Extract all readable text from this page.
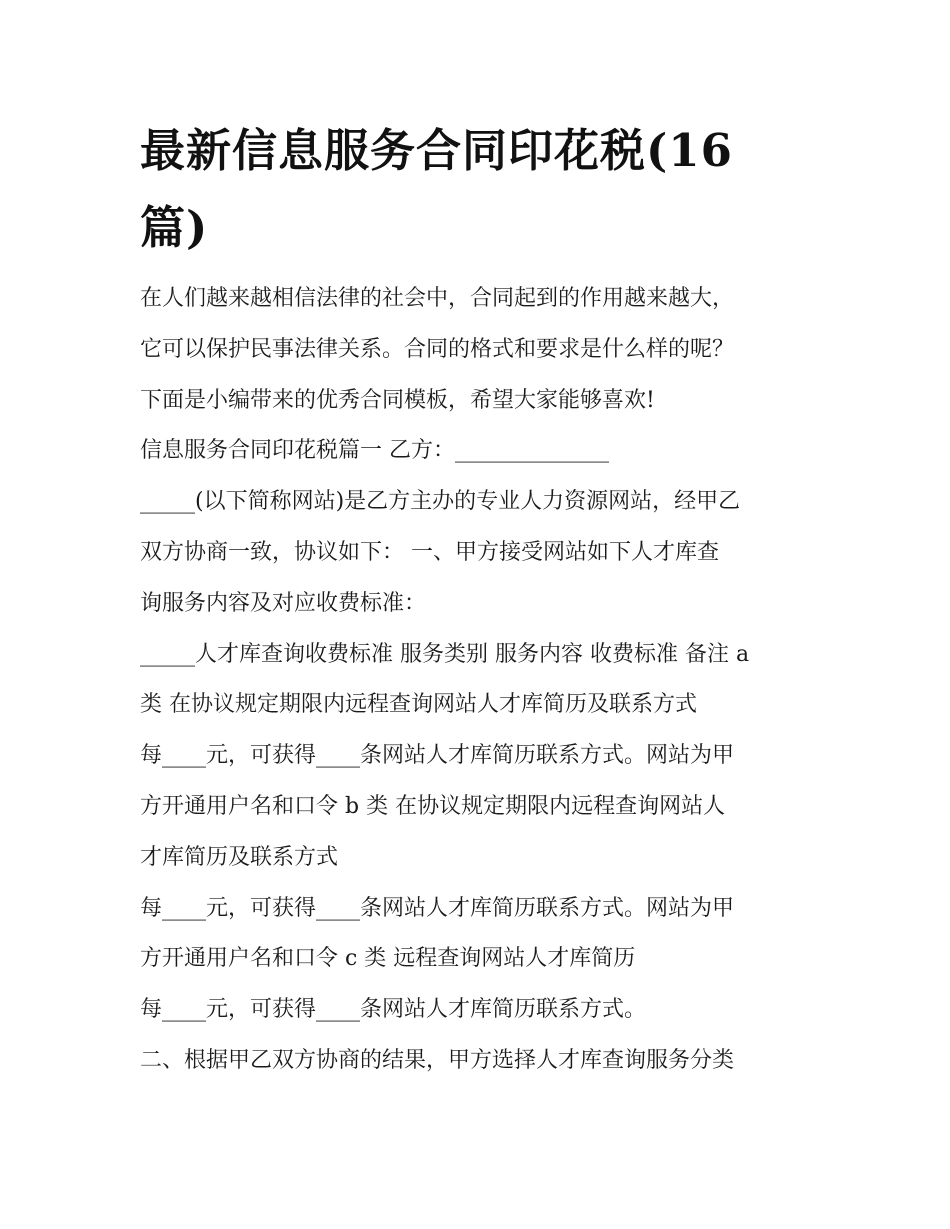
最新信息服务合同印花税(16
篇)
在人们越来越相信法律的社会中，合同起到的作用越来越大，
它可以保护民事法律关系。合同的格式和要求是什么样的呢？
下面是小编带来的优秀合同模板，希望大家能够喜欢!
信息服务合同印花税篇一 乙方：______________
_____(以下简称网站)是乙方主办的专业人力资源网站，经甲乙
双方协商一致，协议如下： 一、甲方接受网站如下人才库查
询服务内容及对应收费标准：
_____人才库查询收费标准 服务类别 服务内容 收费标准 备注 a
类 在协议规定期限内远程查询网站人才库简历及联系方式
每____元，可获得____条网站人才库简历联系方式。网站为甲
方开通用户名和口令 b 类 在协议规定期限内远程查询网站人
才库简历及联系方式
每____元，可获得____条网站人才库简历联系方式。网站为甲
方开通用户名和口令 c 类 远程查询网站人才库简历
每____元，可获得____条网站人才库简历联系方式。
二、根据甲乙双方协商的结果，甲方选择人才库查询服务分类
